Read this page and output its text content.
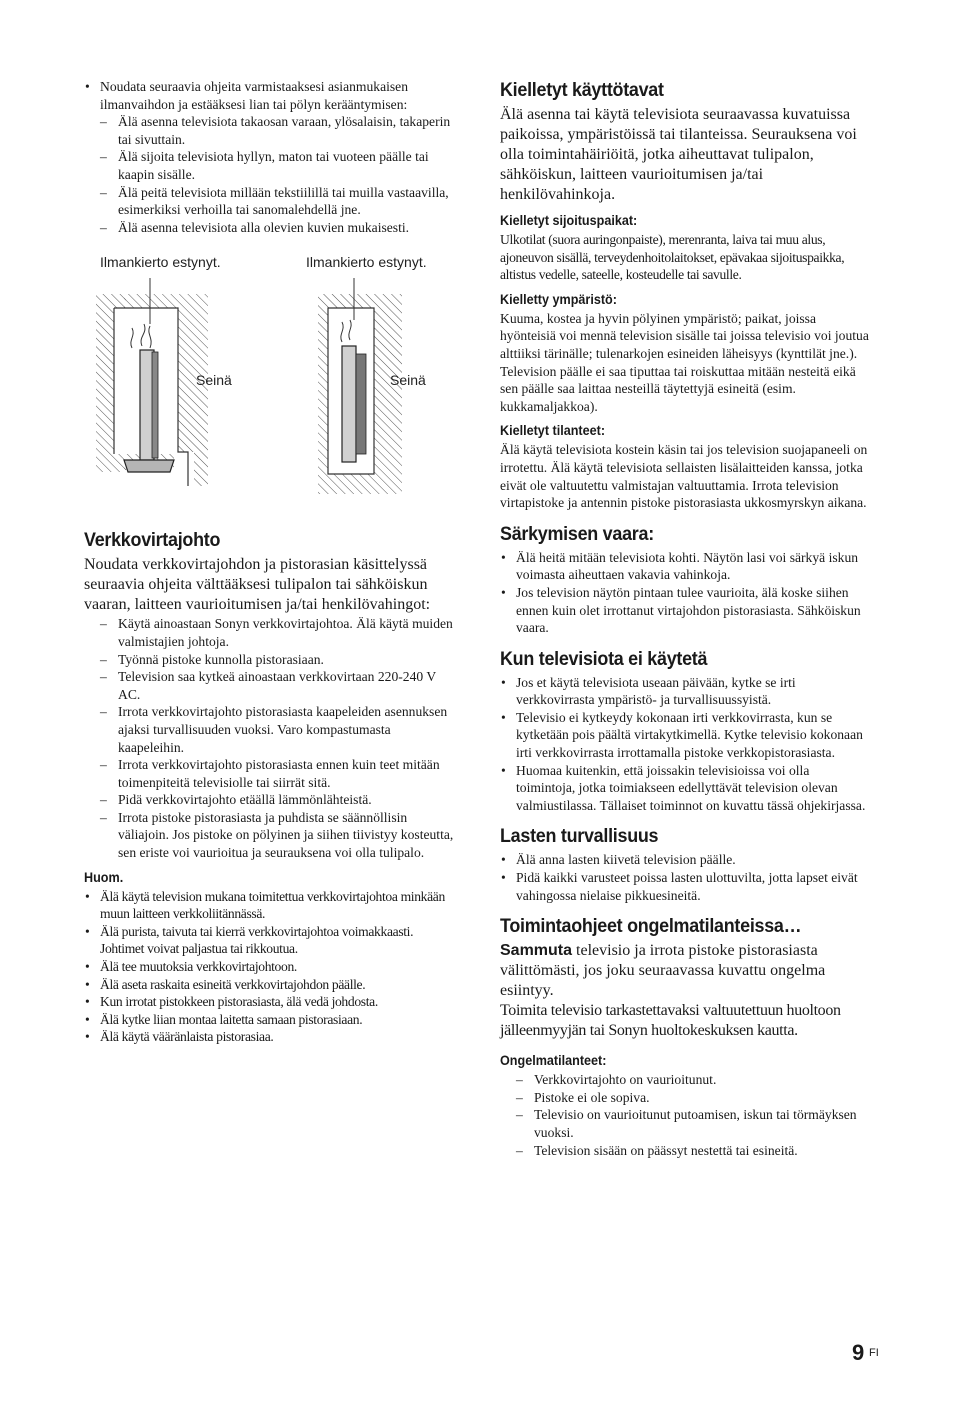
• Noudata seuraavia ohjeita varmistaaksesi asianmukaisen ilmanvaihdon ja estääksesi lian tai pölyn kerääntymisen:
– Älä asenna televisiota takaosan varaan, ylösalaisin, takaperin tai sivuttain.
– Älä sijoita televisiota hyllyn, maton tai vuoteen päälle tai kaapin sisälle.
– Älä peitä televisiota millään tekstiilillä tai muilla vastaavilla, esimerkiksi verhoilla tai sanomalehdellä jne.
– Älä asenna televisiota alla olevien kuvien mukaisesti.
Ilmankierto estynyt.	Ilmankierto estynyt.
Seinä	Seinä
Verkkovirtajohto
Noudata verkkovirtajohdon ja pistorasian käsittelyssä seuraavia ohjeita välttääksesi tulipalon tai sähköiskun vaaran, laitteen vaurioitumisen ja/tai henkilövahingot:
– Käytä ainoastaan Sonyn verkkovirtajohtoa. Älä käytä muiden valmistajien johtoja.
– Työnnä pistoke kunnolla pistorasiaan.
– Television saa kytkeä ainoastaan verkkovirtaan 220-240 V AC.
– Irrota verkkovirtajohto pistorasiasta kaapeleiden asennuksen ajaksi turvallisuuden vuoksi. Varo kompastumasta kaapeleihin.
– Irrota verkkovirtajohto pistorasiasta ennen kuin teet mitään toimenpiteitä televisiolle tai siirrät sitä.
– Pidä verkkovirtajohto etäällä lämmönlähteistä.
– Irrota pistoke pistorasiasta ja puhdista se säännöllisin väliajoin. Jos pistoke on pölyinen ja siihen tiivistyy kosteutta, sen eriste voi vaurioitua ja seurauksena voi olla tulipalo.
Huom.
• Älä käytä television mukana toimitettua verkkovirtajohtoa minkään muun laitteen verkkoliitännässä.
• Älä purista, taivuta tai kierrä verkkovirtajohtoa voimakkaasti. Johtimet voivat paljastua tai rikkoutua.
• Älä tee muutoksia verkkovirtajohtoon.
• Älä aseta raskaita esineitä verkkovirtajohdon päälle.
• Kun irrotat pistokkeen pistorasiasta, älä vedä johdosta.
• Älä kytke liian montaa laitetta samaan pistorasiaan.
• Älä käytä vääränlaista pistorasiaa.
Kielletyt käyttötavat
Älä asenna tai käytä televisiota seuraavassa kuvatuissa paikoissa, ympäristöissä tai tilanteissa. Seurauksena voi olla toimintahäiriöitä, jotka aiheuttavat tulipalon, sähköiskun, laitteen vaurioitumisen ja/tai henkilövahinkoja.
Kielletyt sijoituspaikat:
Ulkotilat (suora auringonpaiste), merenranta, laiva tai muu alus, ajoneuvon sisällä, terveydenhoitolaitokset, epävakaa sijoituspaikka, altistus vedelle, sateelle, kosteudelle tai savulle.
Kielletty ympäristö:
Kuuma, kostea ja hyvin pölyinen ympäristö; paikat, joissa hyönteisiä voi mennä television sisälle tai joissa televisio voi joutua alttiiksi tärinälle; tulenarkojen esineiden läheisyys (kynttilät jne.). Television päälle ei saa tiputtaa tai roiskuttaa mitään nesteitä eikä sen päälle saa laittaa nesteillä täytettyjä esineitä (esim. kukkamaljakkoa).
Kielletyt tilanteet:
Älä käytä televisiota kostein käsin tai jos television suojapaneeli on irrotettu. Älä käytä televisiota sellaisten lisälaitteiden kanssa, jotka eivät ole valtuutettu valmistajan valtuuttamia. Irrota television virtapistoke ja antennin pistoke pistorasiasta ukkosmyrskyn aikana.
Särkymisen vaara:
• Älä heitä mitään televisiota kohti. Näytön lasi voi särkyä iskun voimasta aiheuttaen vakavia vahinkoja.
• Jos television näytön pintaan tulee vaurioita, älä koske siihen ennen kuin olet irrottanut virtajohdon pistorasiasta. Sähköiskun vaara.
Kun televisiota ei käytetä
• Jos et käytä televisiota useaan päivään, kytke se irti verkkovirrasta ympäristö- ja turvallisuussyistä.
• Televisio ei kytkeydy kokonaan irti verkkovirrasta, kun se kytketään pois päältä virtakytkimellä. Kytke televisio kokonaan irti verkkovirrasta irrottamalla pistoke verkkopistorasiasta.
• Huomaa kuitenkin, että joissakin televisioissa voi olla toimintoja, jotka toimiakseen edellyttävät television olevan valmiustilassa. Tällaiset toiminnot on kuvattu tässä ohjekirjassa.
Lasten turvallisuus
• Älä anna lasten kiivetä television päälle.
• Pidä kaikki varusteet poissa lasten ulottuvilta, jotta lapset eivät vahingossa nielaise pikkuesineitä.
Toimintaohjeet ongelmatilanteissa…
Sammuta televisio ja irrota pistoke pistorasiasta välittömästi, jos joku seuraavassa kuvattu ongelma esiintyy.
Toimita televisio tarkastettavaksi valtuutettuun huoltoon jälleenmyyjän tai Sonyn huoltokeskuksen kautta.
Ongelmatilanteet:
– Verkkovirtajohto on vaurioitunut.
– Pistoke ei ole sopiva.
– Televisio on vaurioitunut putoamisen, iskun tai törmäyksen vuoksi.
– Television sisään on päässyt nestettä tai esineitä.
9 FI
